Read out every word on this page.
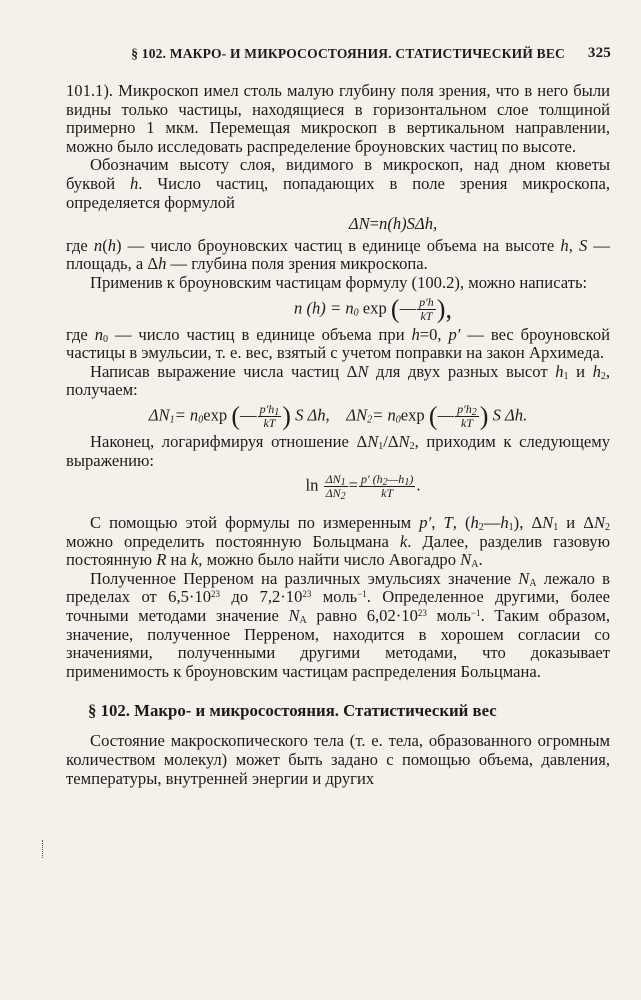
§ 102. МАКРО- И МИКРОСОСТОЯНИЯ. СТАТИСТИЧЕСКИЙ ВЕС 325

101.1). Микроскоп имел столь малую глубину поля зрения, что в него были видны только частицы, находящиеся в горизонтальном слое толщиной примерно 1 мкм. Перемещая микроскоп в вертикальном направлении, можно было исследовать распределение броуновских частиц по высоте.

Обозначим высоту слоя, видимого в микроскоп, над дном кюветы буквой h. Число частиц, попадающих в поле зрения микроскопа, определяется формулой

ΔN=n(h)SΔh,

где n(h) — число броуновских частиц в единице объема на высоте h, S — площадь, а Δh — глубина поля зрения микроскопа.

Применив к броуновским частицам формулу (100.2), можно написать:

n $(h) = n_0$ exp (— $\frac{p'h}{kT}$ ),

где $n_0$ — число частиц в единице объема при h=0, p′ — вес броуновской частицы в эмульсии, т. е. вес, взятый с учетом поправки на закон Архимеда.

Написав выражение числа частиц ΔN для двух разных высот $h_1$ и $h_2$, получаем:

$\Delta N_1= n_0\exp$ (— $\frac{p'h_1}{kT}$ ) S Δh, $\Delta N_2= n_0\exp$ (— $\frac{p'h_2}{kT}$ ) S Δh.

Наконец, логарифмируя отношение $\Delta N_1/\Delta N_2$, приходим к следующему выражению:

$\ln \frac{\Delta N_1}{\Delta N_2} = \frac{p' (h_2—h_1)}{kT}$ .

С помощью этой формулы по измеренным p′, T, $(h_2—h_1)$, $\Delta N_1$ и $\Delta N_2$ можно определить постоянную Больцмана k. Далее, разделив газовую постоянную R на k, можно было найти число Авогадро $N_A$.

Полученное Перреном на различных эмульсиях значение $N_A$ лежало в пределах от $6,5\cdot 10^{23}$ до $7,2\cdot 10^{23}$ моль$^{-1}$. Определенное другими, более точными методами значение $N_A$ равно $6,02\cdot 10^{23}$ моль$^{-1}$. Таким образом, значение, полученное Перреном, находится в хорошем согласии со значениями, полученными другими методами, что доказывает применимость к броуновским частицам распределения Больцмана.

§ 102. Макро- и микросостояния. Статистический вес

Состояние макроскопического тела (т. е. тела, образованного огромным количеством молекул) может быть задано с помощью объема, давления, температуры, внутренней энергии и других
